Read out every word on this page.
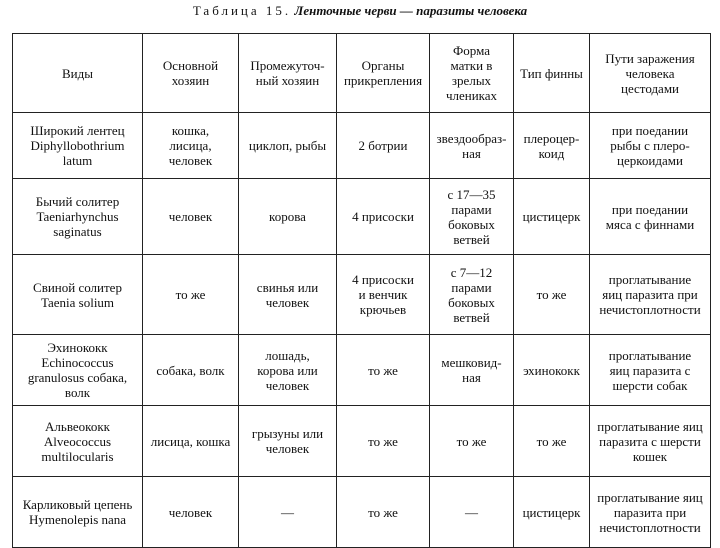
Таблица 15. Ленточные черви — паразиты человека
Виды	Основной
хозяин	Промежуточ-
ный хозяин	Органы
прикрепления	Форма
матки в
зрелых
члениках	Тип финны	Пути заражения
человека
цестодами

Широкий лентец
Diphyllobothrium
latum	кошка,
лисица,
человек	циклоп, рыбы	2 ботрии	звездообраз-
ная	плероцер-
коид	при поедании
рыбы с плеро-
церкоидами

Бычий солитер
Taeniarhynchus
saginatus	человек	корова	4 присоски	с 17—35
парами
боковых
ветвей	цистицерк	при поедании
мяса с финнами

Свиной солитер
Taenia solium	то же	свинья или
человек	4 присоски
и венчик
крючьев	с 7—12
парами
боковых
ветвей	то же	проглатывание
яиц паразита при
нечистоплотности

Эхинококк
Echinococcus
granulosus собака,
волк	собака, волк	лошадь,
корова или
человек	то же	мешковид-
ная	эхинококк	проглатывание
яиц паразита с
шерсти собак

Альвеококк
Alveococcus
multilocularis	лисица, кошка	грызуны или
человек	то же	то же	то же	проглатывание яиц
паразита с шерсти
кошек

Карликовый цепень
Hymenolepis nana	человек	—	то же	—	цистицерк	проглатывание яиц
паразита при
нечистоплотности
